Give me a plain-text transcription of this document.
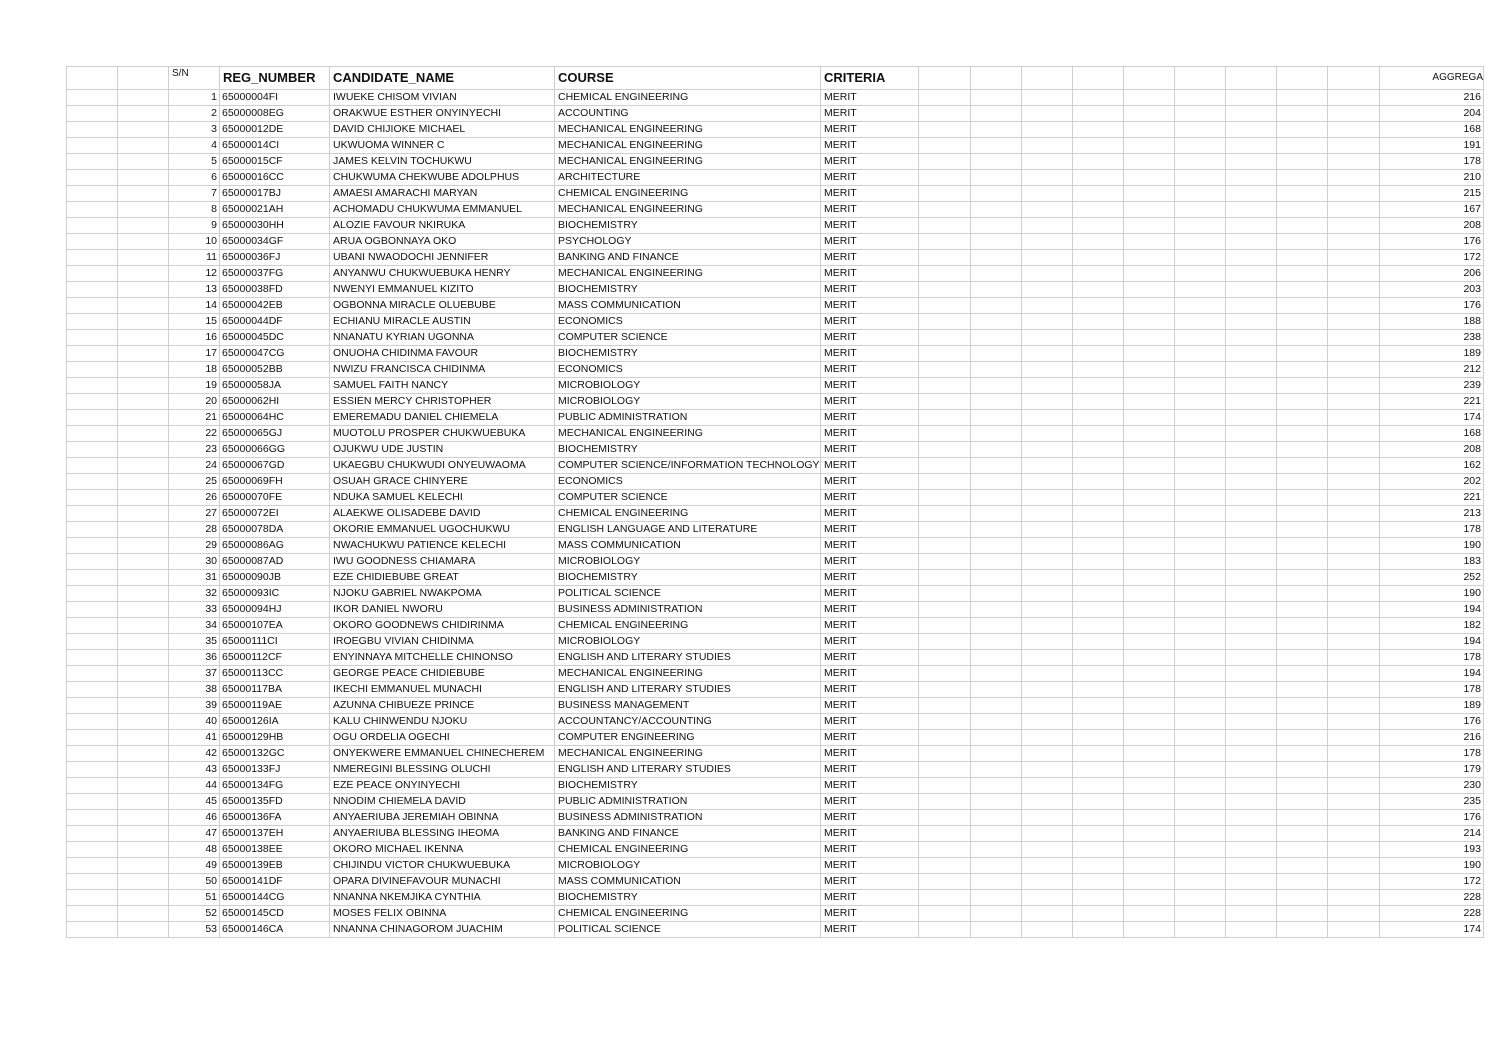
		S/N	REG_NUMBER	CANDIDATE_NAME	COURSE	CRITERIA										AGGREGA
		1	65000004FI	IWUEKE CHISOM VIVIAN	CHEMICAL ENGINEERING	MERIT										216
		2	65000008EG	ORAKWUE ESTHER ONYINYECHI	ACCOUNTING	MERIT										204
		3	65000012DE	DAVID CHIJIOKE MICHAEL	MECHANICAL ENGINEERING	MERIT										168
		4	65000014CI	UKWUOMA WINNER C	MECHANICAL ENGINEERING	MERIT										191
		5	65000015CF	JAMES KELVIN TOCHUKWU	MECHANICAL ENGINEERING	MERIT										178
		6	65000016CC	CHUKWUMA CHEKWUBE ADOLPHUS	ARCHITECTURE	MERIT										210
		7	65000017BJ	AMAESI AMARACHI MARYAN	CHEMICAL ENGINEERING	MERIT										215
		8	65000021AH	ACHOMADU CHUKWUMA EMMANUEL	MECHANICAL ENGINEERING	MERIT										167
		9	65000030HH	ALOZIE FAVOUR NKIRUKA	BIOCHEMISTRY	MERIT										208
		10	65000034GF	ARUA OGBONNAYA OKO	PSYCHOLOGY	MERIT										176
		11	65000036FJ	UBANI NWAODOCHI JENNIFER	BANKING AND FINANCE	MERIT										172
		12	65000037FG	ANYANWU CHUKWUEBUKA HENRY	MECHANICAL ENGINEERING	MERIT										206
		13	65000038FD	NWENYI EMMANUEL KIZITO	BIOCHEMISTRY	MERIT										203
		14	65000042EB	OGBONNA MIRACLE OLUEBUBE	MASS COMMUNICATION	MERIT										176
		15	65000044DF	ECHIANU MIRACLE AUSTIN	ECONOMICS	MERIT										188
		16	65000045DC	NNANATU KYRIAN UGONNA	COMPUTER SCIENCE	MERIT										238
		17	65000047CG	ONUOHA CHIDINMA FAVOUR	BIOCHEMISTRY	MERIT										189
		18	65000052BB	NWIZU FRANCISCA CHIDINMA	ECONOMICS	MERIT										212
		19	65000058JA	SAMUEL FAITH NANCY	MICROBIOLOGY	MERIT										239
		20	65000062HI	ESSIEN MERCY CHRISTOPHER	MICROBIOLOGY	MERIT										221
		21	65000064HC	EMEREMADU DANIEL CHIEMELA	PUBLIC ADMINISTRATION	MERIT										174
		22	65000065GJ	MUOTOLU PROSPER CHUKWUEBUKA	MECHANICAL ENGINEERING	MERIT										168
		23	65000066GG	OJUKWU UDE JUSTIN	BIOCHEMISTRY	MERIT										208
		24	65000067GD	UKAEGBU CHUKWUDI ONYEUWAOMA	COMPUTER SCIENCE/INFORMATION TECHNOLOGY	MERIT										162
		25	65000069FH	OSUAH GRACE CHINYERE	ECONOMICS	MERIT										202
		26	65000070FE	NDUKA SAMUEL KELECHI	COMPUTER SCIENCE	MERIT										221
		27	65000072EI	ALAEKWE OLISADEBE DAVID	CHEMICAL ENGINEERING	MERIT										213
		28	65000078DA	OKORIE EMMANUEL UGOCHUKWU	ENGLISH LANGUAGE AND LITERATURE	MERIT										178
		29	65000086AG	NWACHUKWU PATIENCE KELECHI	MASS COMMUNICATION	MERIT										190
		30	65000087AD	IWU GOODNESS CHIAMARA	MICROBIOLOGY	MERIT										183
		31	65000090JB	EZE CHIDIEBUBE GREAT	BIOCHEMISTRY	MERIT										252
		32	65000093IC	NJOKU GABRIEL NWAKPOMA	POLITICAL SCIENCE	MERIT										190
		33	65000094HJ	IKOR DANIEL NWORU	BUSINESS ADMINISTRATION	MERIT										194
		34	65000107EA	OKORO GOODNEWS CHIDIRINMA	CHEMICAL ENGINEERING	MERIT										182
		35	65000111CI	IROEGBU VIVIAN CHIDINMA	MICROBIOLOGY	MERIT										194
		36	65000112CF	ENYINNAYA MITCHELLE CHINONSO	ENGLISH AND LITERARY STUDIES	MERIT										178
		37	65000113CC	GEORGE PEACE CHIDIEBUBE	MECHANICAL ENGINEERING	MERIT										194
		38	65000117BA	IKECHI EMMANUEL MUNACHI	ENGLISH AND LITERARY STUDIES	MERIT										178
		39	65000119AE	AZUNNA CHIBUEZE PRINCE	BUSINESS MANAGEMENT	MERIT										189
		40	65000126IA	KALU CHINWENDU NJOKU	ACCOUNTANCY/ACCOUNTING	MERIT										176
		41	65000129HB	OGU ORDELIA OGECHI	COMPUTER ENGINEERING	MERIT										216
		42	65000132GC	ONYEKWERE EMMANUEL CHINECHEREM	MECHANICAL ENGINEERING	MERIT										178
		43	65000133FJ	NMEREGINI BLESSING OLUCHI	ENGLISH AND LITERARY STUDIES	MERIT										179
		44	65000134FG	EZE PEACE ONYINYECHI	BIOCHEMISTRY	MERIT										230
		45	65000135FD	NNODIM CHIEMELA DAVID	PUBLIC ADMINISTRATION	MERIT										235
		46	65000136FA	ANYAERIUBA JEREMIAH OBINNA	BUSINESS ADMINISTRATION	MERIT										176
		47	65000137EH	ANYAERIUBA BLESSING IHEOMA	BANKING AND FINANCE	MERIT										214
		48	65000138EE	OKORO MICHAEL IKENNA	CHEMICAL ENGINEERING	MERIT										193
		49	65000139EB	CHIJINDU VICTOR CHUKWUEBUKA	MICROBIOLOGY	MERIT										190
		50	65000141DF	OPARA DIVINEFAVOUR MUNACHI	MASS COMMUNICATION	MERIT										172
		51	65000144CG	NNANNA NKEMJIKA CYNTHIA	BIOCHEMISTRY	MERIT										228
		52	65000145CD	MOSES FELIX OBINNA	CHEMICAL ENGINEERING	MERIT										228
		53	65000146CA	NNANNA CHINAGOROM JUACHIM	POLITICAL SCIENCE	MERIT										174
